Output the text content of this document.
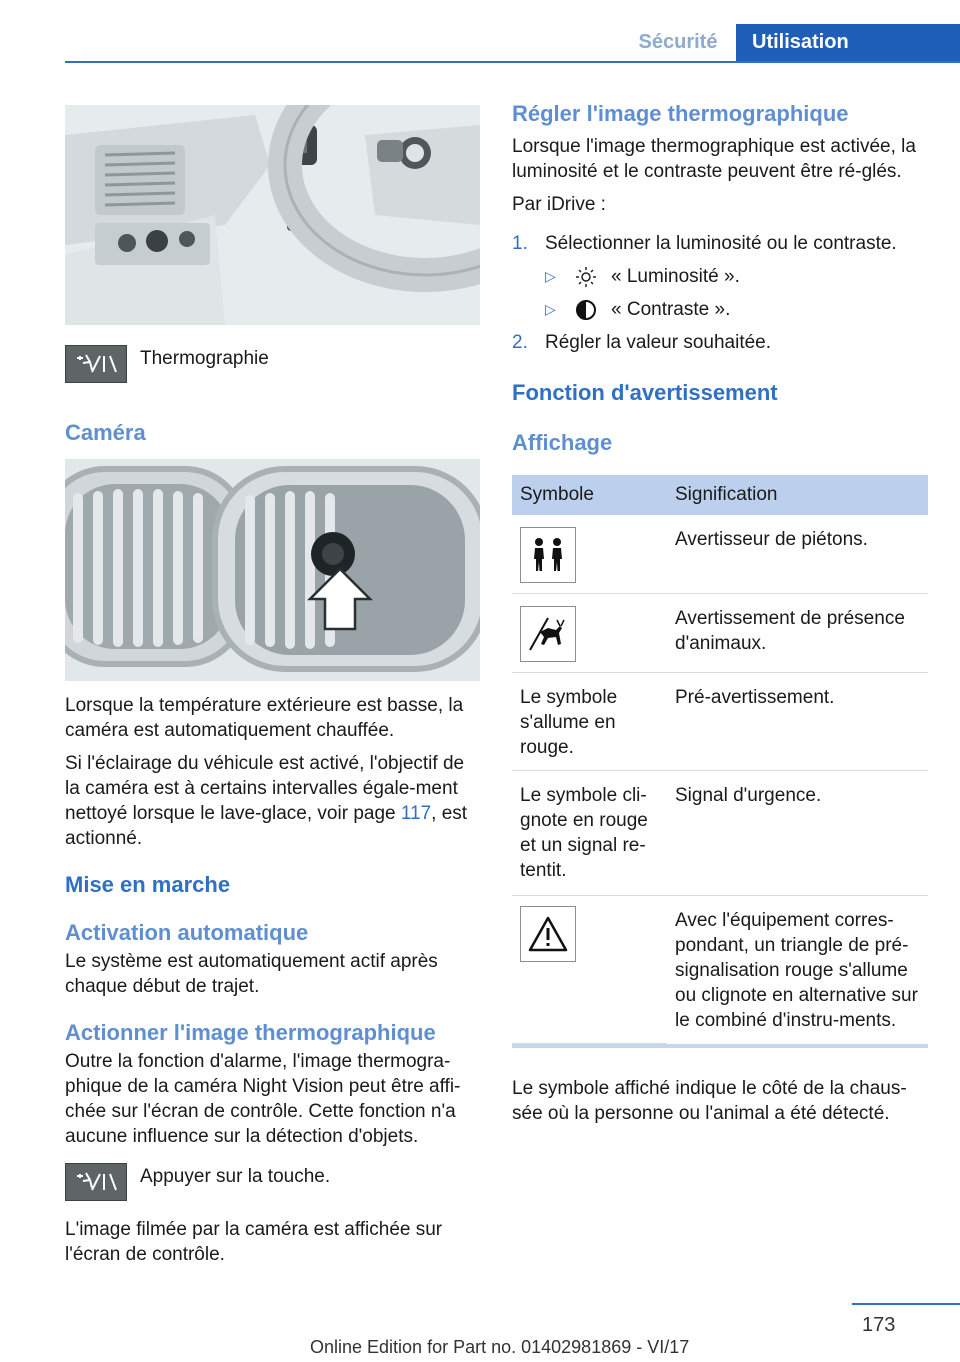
Sécurité	Utilisation
Thermographie
Caméra
Lorsque la température extérieure est basse, la caméra est automatiquement chauffée.
Si l'éclairage du véhicule est activé, l'objectif de la caméra est à certains intervalles égale-ment nettoyé lorsque le lave-glace, voir page 117, est actionné.
Mise en marche
Activation automatique
Le système est automatiquement actif après chaque début de trajet.
Actionner l'image thermographique
Outre la fonction d'alarme, l'image thermogra-phique de la caméra Night Vision peut être affi-chée sur l'écran de contrôle. Cette fonction n'a aucune influence sur la détection d'objets.
Appuyer sur la touche.
L'image filmée par la caméra est affichée sur l'écran de contrôle.
Régler l'image thermographique
Lorsque l'image thermographique est activée, la luminosité et le contraste peuvent être ré-glés.
Par iDrive :
1. Sélectionner la luminosité ou le contraste.
▷	« Luminosité ».
▷	« Contraste ».
2. Régler la valeur souhaitée.
Fonction d'avertissement
Affichage
Symbole	Signification

	Avertisseur de piétons.

	Avertissement de présence d'animaux.
Le symbole s'allume en rouge.	Pré-avertissement.
Le symbole cli-gnote en rouge et un signal re-tentit.	Signal d'urgence.

	Avec l'équipement corres-pondant, un triangle de pré-signalisation rouge s'allume ou clignote en alternative sur le combiné d'instru-ments.
Le symbole affiché indique le côté de la chaus-sée où la personne ou l'animal a été détecté.
173
Online Edition for Part no. 01402981869 - VI/17
